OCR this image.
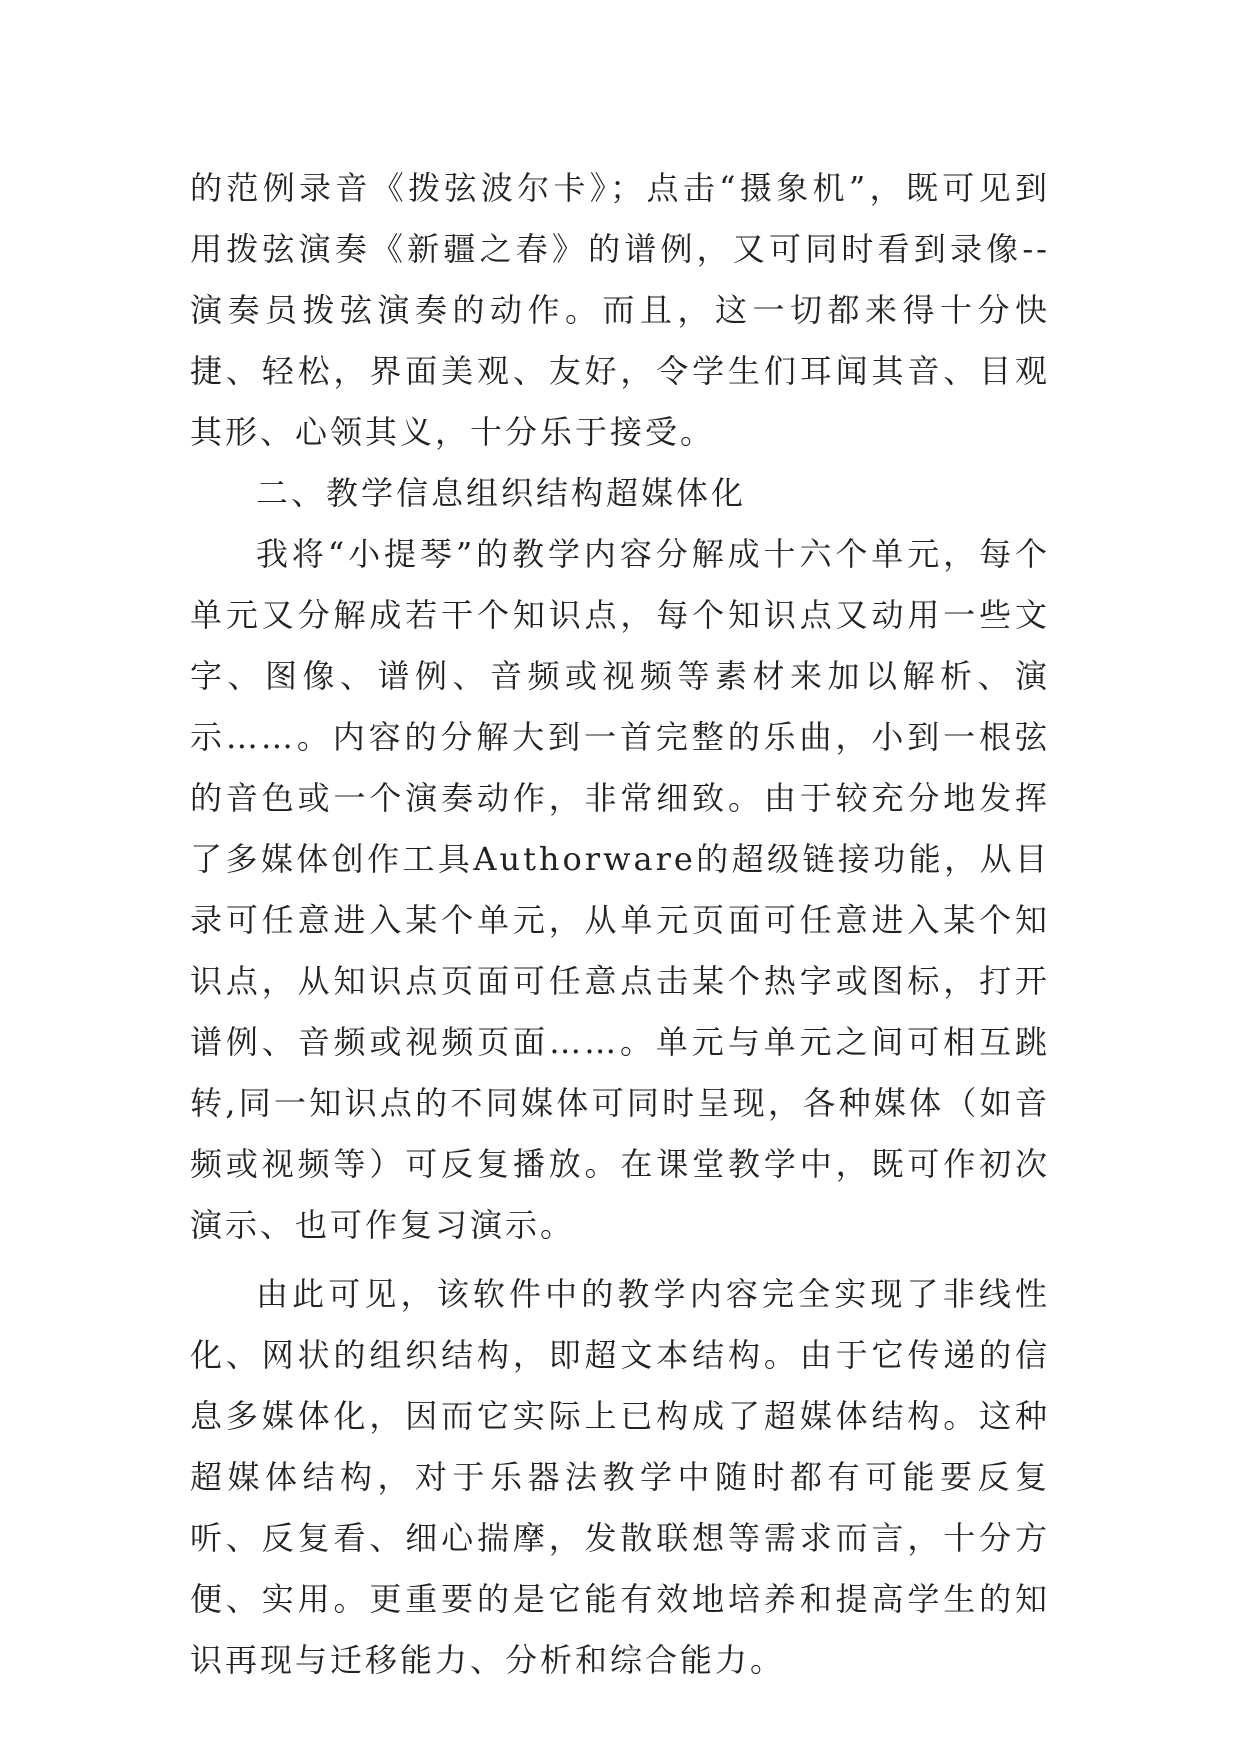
的范例录音《拨弦波尔卡》；点击“摄象机”，既可见到用拨弦演奏《新疆之春》的谱例，又可同时看到录像--演奏员拨弦演奏的动作。而且，这一切都来得十分快捷、轻松，界面美观、友好，令学生们耳闻其音、目观其形、心领其义，十分乐于接受。

二、教学信息组织结构超媒体化

我将“小提琴”的教学内容分解成十六个单元，每个单元又分解成若干个知识点，每个知识点又动用一些文字、图像、谱例、音频或视频等素材来加以解析、演示……。内容的分解大到一首完整的乐曲，小到一根弦的音色或一个演奏动作，非常细致。由于较充分地发挥了多媒体创作工具Authorware的超级链接功能，从目录可任意进入某个单元，从单元页面可任意进入某个知识点，从知识点页面可任意点击某个热字或图标，打开谱例、音频或视频页面……。单元与单元之间可相互跳转,同一知识点的不同媒体可同时呈现，各种媒体（如音频或视频等）可反复播放。在课堂教学中，既可作初次演示、也可作复习演示。

由此可见，该软件中的教学内容完全实现了非线性化、网状的组织结构，即超文本结构。由于它传递的信息多媒体化，因而它实际上已构成了超媒体结构。这种超媒体结构，对于乐器法教学中随时都有可能要反复听、反复看、细心揣摩，发散联想等需求而言，十分方便、实用。更重要的是它能有效地培养和提高学生的知识再现与迁移能力、分析和综合能力。
